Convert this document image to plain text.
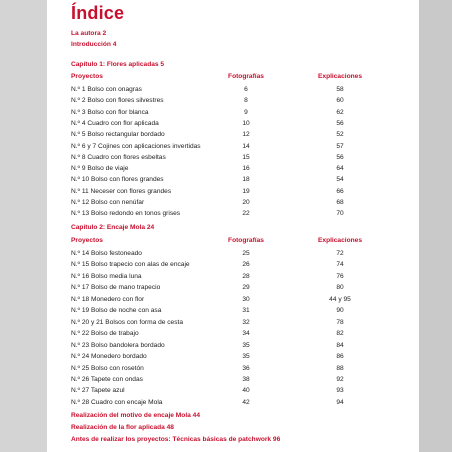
Índice
La autora 2
Introducción 4
Capítulo 1: Flores aplicadas 5
Proyectos	Fotografías	Explicaciones
N.º 1 Bolso con onagras	6	58
N.º 2 Bolso con flores silvestres	8	60
N.º 3 Bolso con flor blanca	9	62
N.º 4 Cuadro con flor aplicada	10	56
N.º 5 Bolso rectangular bordado	12	52
N.º 6 y 7 Cojines con aplicaciones invertidas	14	57
N.º 8 Cuadro con flores esbeltas	15	56
N.º 9 Bolso de viaje	16	64
N.º 10 Bolso con flores grandes	18	54
N.º 11 Neceser con flores grandes	19	66
N.º 12 Bolso con nenúfar	20	68
N.º 13 Bolso redondo en tonos grises	22	70
Capítulo 2: Encaje Mola 24
Proyectos	Fotografías	Explicaciones
N.º 14 Bolso festoneado	25	72
N.º 15 Bolso trapecio con alas de encaje	26	74
N.º 16 Bolso media luna	28	76
N.º 17 Bolso de mano trapecio	29	80
N.º 18 Monedero con flor	30	44 y 95
N.º 19 Bolso de noche con asa	31	90
N.º 20 y 21 Bolsos con forma de cesta	32	78
N.º 22 Bolso de trabajo	34	82
N.º 23 Bolso bandolera bordado	35	84
N.º 24 Monedero bordado	35	86
N.º 25 Bolso con rosetón	36	88
N.º 26 Tapete con ondas	38	92
N.º 27 Tapete azul	40	93
N.º 28 Cuadro con encaje Mola	42	94
Realización del motivo de encaje Mola 44
Realización de la flor aplicada 48
Antes de realizar los proyectos: Técnicas básicas de patchwork 96
